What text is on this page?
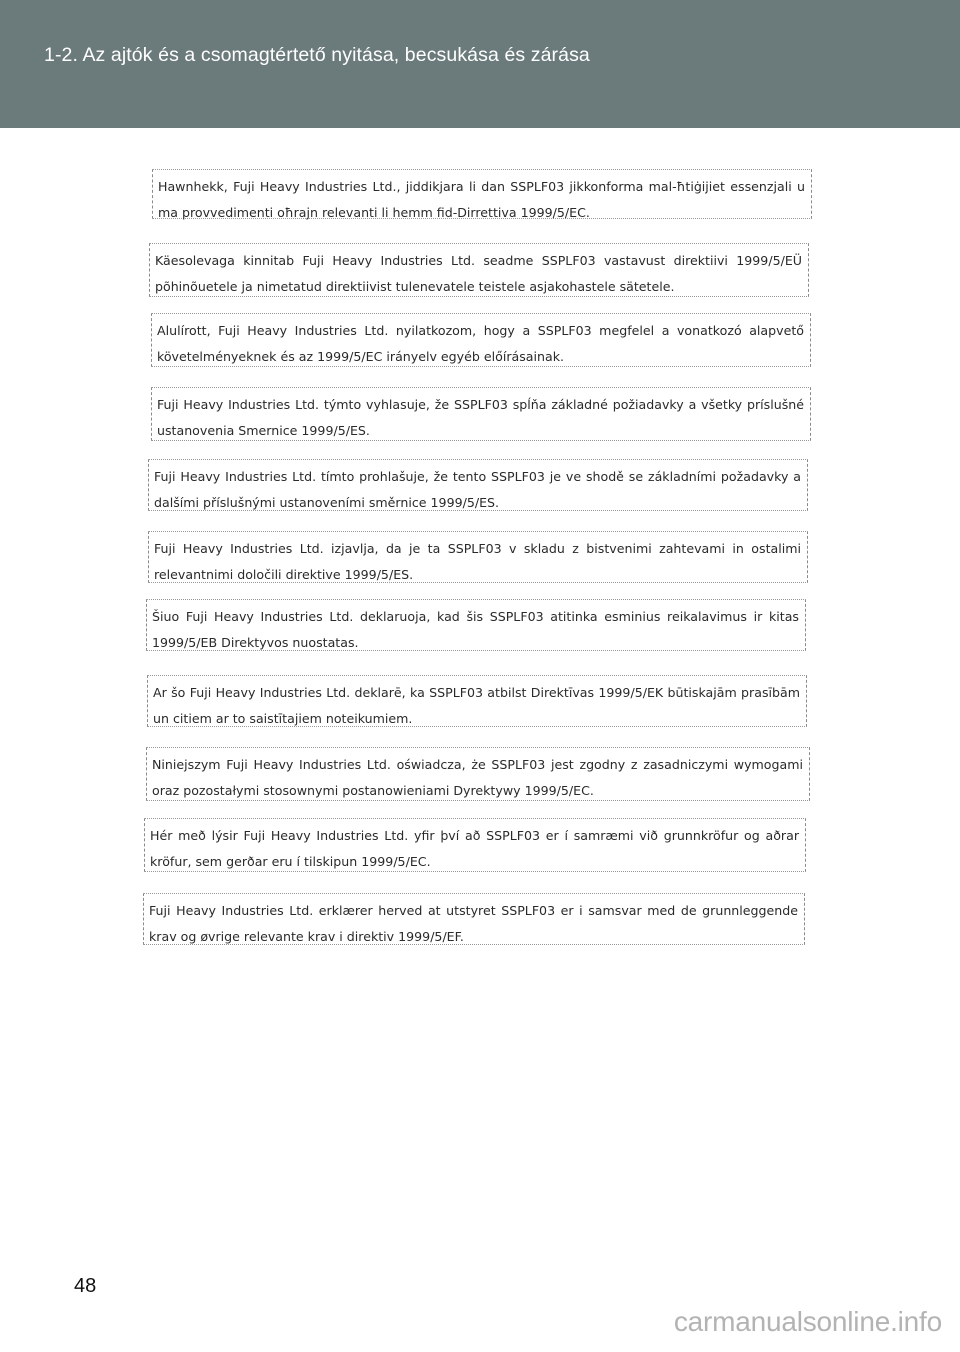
1-2. Az ajtók és a csomagtértető nyitása, becsukása és zárása
Hawnhekk, Fuji Heavy Industries Ltd., jiddikjara li dan SSPLF03 jikkonforma mal-ħtiġijiet essenzjali u ma provvedimenti oħrajn relevanti li hemm fid-Dirrettiva 1999/5/EC.
Käesolevaga kinnitab Fuji Heavy Industries Ltd. seadme SSPLF03 vastavust direktiivi 1999/5/EÜ põhinõuetele ja nimetatud direktiivist tulenevatele teistele asjakohastele sätetele.
Alulírott, Fuji Heavy Industries Ltd. nyilatkozom, hogy a SSPLF03 megfelel a vonatkozó alapvető követelményeknek és az 1999/5/EC irányelv egyéb előírásainak.
Fuji Heavy Industries Ltd. týmto vyhlasuje, že SSPLF03 spĺňa základné požiadavky a všetky príslušné ustanovenia Smernice 1999/5/ES.
Fuji Heavy Industries Ltd. tímto prohlašuje, že tento SSPLF03 je ve shodě se základními požadavky a dalšími příslušnými ustanoveními směrnice 1999/5/ES.
Fuji Heavy Industries Ltd. izjavlja, da je ta SSPLF03 v skladu z bistvenimi zahtevami in ostalimi relevantnimi določili direktive 1999/5/ES.
Šiuo Fuji Heavy Industries Ltd. deklaruoja, kad šis SSPLF03 atitinka esminius reikalavimus ir kitas 1999/5/EB Direktyvos nuostatas.
Ar šo Fuji Heavy Industries Ltd. deklarē, ka SSPLF03 atbilst Direktīvas 1999/5/EK būtiskajām prasībām un citiem ar to saistītajiem noteikumiem.
Niniejszym Fuji Heavy Industries Ltd. oświadcza, że SSPLF03 jest zgodny z zasadniczymi wymogami oraz pozostałymi stosownymi postanowieniami Dyrektywy 1999/5/EC.
Hér með lýsir Fuji Heavy Industries Ltd. yfir því að SSPLF03 er í samræmi við grunnkröfur og aðrar kröfur, sem gerðar eru í tilskipun 1999/5/EC.
Fuji Heavy Industries Ltd. erklærer herved at utstyret SSPLF03 er i samsvar med de grunnleggende krav og øvrige relevante krav i direktiv 1999/5/EF.
48
carmanualsonline.info
